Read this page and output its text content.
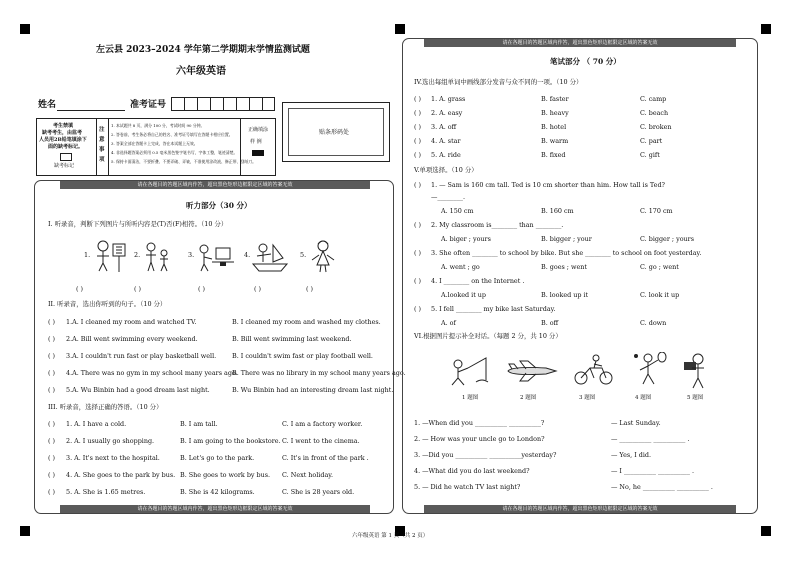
左云县 2023–2024 学年第二学期期末学情监测试题
六年级英语
姓名	准考证号
考生禁填
缺考考生，由监考
人员用2B铅笔填涂下
面的缺考标记。
缺考标记
注
意
事
项
1. 本试题共 8 页，满分 100 分，考试时间 90 分钟。
2. 答卷前，考生务必将自己的姓名、准考证号填写在答题卡相应位置。
3. 答案全部在答题卡上完成，答在本试题上无效。
4. 非选择题答案必须用 0.5 毫米黑色签字笔书写，字体工整，笔迹清楚。
5. 保持卡面清洁，不要折叠、不要弄破、弄皱，不准使用涂改液、修正带、刮纸刀。
正确填涂
样 例
贴条形码处
请在各题目的答题区域内作答，超出黑色矩形边框限定区域的答案无效
请在各题目的答题区域内作答，超出黑色矩形边框限定区域的答案无效
听力部分（30 分）
I. 听录音，判断下列图片与所听内容是(T)否(F)相符。（10 分）
1.	2.	3.	4.	5.
( )	( )	( )	( )	( )
II. 听录音，选出你听到的句子。（10 分）
( ) 1.A. I cleaned my room and watched TV.	B. I cleaned my room and washed my clothes.
( ) 2.A. Bill went swimming every weekend.	B. Bill went swimming last weekend.
( ) 3.A. I couldn't run fast or play basketball well. B. I couldn't swim fast or play football well.
( ) 4.A. There was no gym in my school many years ago.
B. There was no library in my school many years ago.
( ) 5.A. Wu Binbin had a good dream last night.	B. Wu Binbin had an interesting dream last night.
III. 听录音，选择正确的答语。（10 分）
( ) 1. A. I have a cold.	B. I am tall.	C. I am a factory worker.
( ) 2. A. I usually go shopping.	B. I am going to the bookstore. C. I went to the cinema.
( ) 3. A. It's next to the hospital.	B. Let's go to the park.	C. It's in front of the park .
( ) 4. A. She goes to the park by bus. B. She goes to work by bus. C. Next holiday.
( ) 5. A. She is 1.65 metres.	B. She is 42 kilograms.	C. She is 28 years old.
请在各题目的答题区域内作答，超出黑色矩形边框限定区域的答案无效
请在各题目的答题区域内作答，超出黑色矩形边框限定区域的答案无效
笔试部分 （ 70 分）
IV.选出每组单词中画线部分发音与众不同的一项。（10 分）
( ) 1. A. grass	B. faster	C. camp
( ) 2. A. easy	B. heavy	C. beach
( ) 3. A. off	B. hotel	C. broken
( ) 4. A. star	B. warm	C. part
( ) 5. A. ride	B. fixed	C. gift
V.单项选择。（10 分）
( ) 1. — Sam is 160 cm tall. Ted is 10 cm shorter than him. How tall is Ted?
—________.
A. 150 cm	B. 160 cm	C. 170 cm
( ) 2. My classroom is________ than ________.
A. biger ; yours	B. bigger ; your	C. bigger ; yours
( ) 3. She often ________ to school by bike. But she ________ to school on foot yesterday.
A. went ; go	B. goes ; went	C. go ; went
( ) 4. I ________ on the Internet .
A.looked it up	B. looked up it	C. look it up
( ) 5. I fell ________ my bike last Saturday.
A. of	B. off	C. down
VI.根据图片提示补全对话。（每题 2 分，共 10 分）
1 题图	2 题图	3 题图	4 题图	5 题图
1. —When did you __________ __________?	— Last Sunday.
2. — How was your uncle go to London?	— __________ __________ .
3. —Did you __________ __________yesterday?	— Yes, I did.
4. —What did you do last weekend?	— I __________ __________ .
5. — Did he watch TV last night?	— No, he __________ __________ .
六年级英语 第 1 页（共 2 页）
